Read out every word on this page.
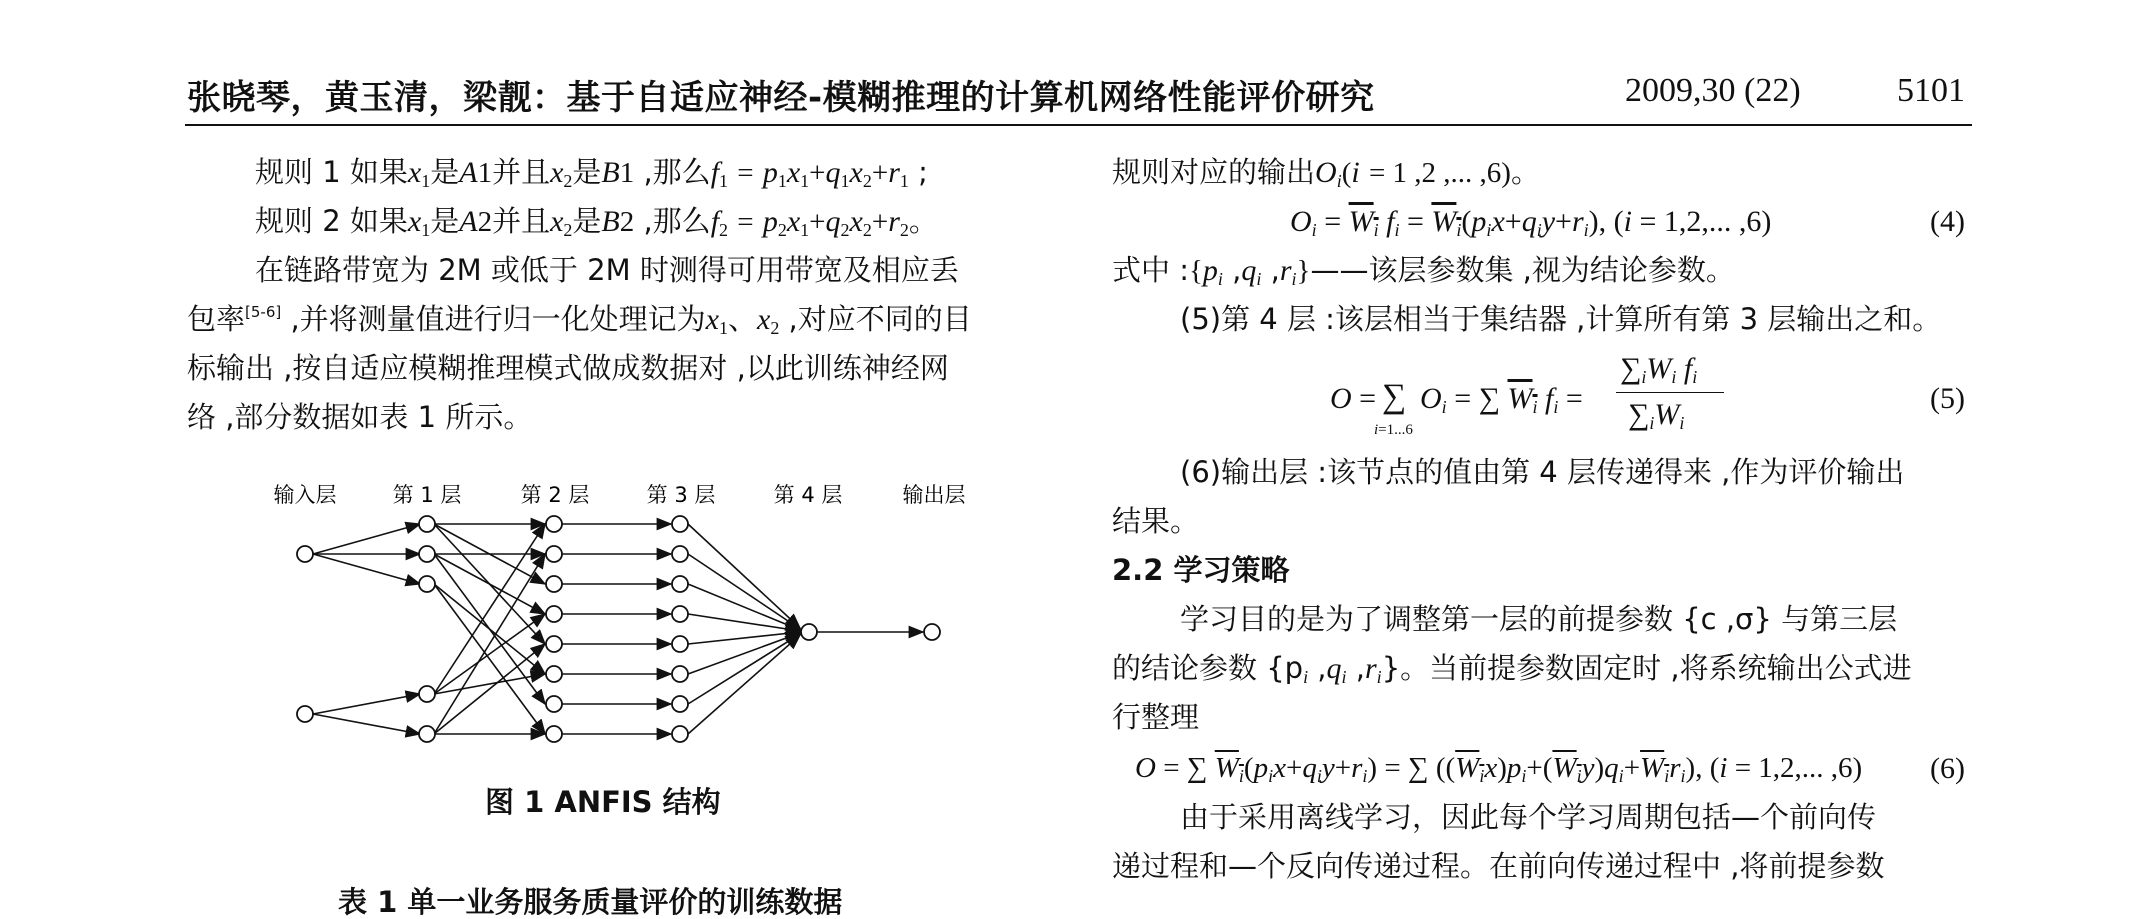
张晓琴，黄玉清，梁靓：基于自适应神经-模糊推理的计算机网络性能评价研究	2009,30 (22)	5101
规则 1 如果$x_1$是A1并且$x_2$是B1 ,那么$f_1 = p_1x_1+q_1x_2+r_1$ ;
规则 2 如果$x_1$是A2并且$x_2$是B2 ,那么$f_2 = p_2x_1+q_2x_2+r_2$。
在链路带宽为 2M 或低于 2M 时测得可用带宽及相应丢
包率[5-6] ,并将测量值进行归一化处理记为$x_1$、$x_2$ ,对应不同的目
标输出 ,按自适应模糊推理模式做成数据对 ,以此训练神经网
络 ,部分数据如表 1 所示。
输入层	第 1 层	第 2 层	第 3 层	第 4 层	输出层
图 1 ANFIS 结构
表 1 单一业务服务质量评价的训练数据
规则对应的输出$O_i(i = 1$ ,2 ,... ,6)。
$O_i = W_i$ $f_i = W_i(p_ix+q_iy+r_i)$, (i = 1,2,... ,6)	(4)
式中 $:\{p_i$ $,q_i$ $,r_i\}——$该层参数集 ,视为结论参数。
(5)第 4 层 :该层相当于集结器 ,计算所有第 3 层输出之和。
O = ∑
i=1...6
$O_i$ = ∑ $W_i$ $f_i$ =
$\sum_iW_i$ $f_i$
$\sum_iW_i$
(5)
(6)输出层 :该节点的值由第 4 层传递得来 ,作为评价输出
结果。
2.2 学习策略
学习目的是为了调整第一层的前提参数 {c ,σ} 与第三层
的结论参数 {$p_i$ $,q_i$ $,r_i$}。当前提参数固定时 ,将系统输出公式进
行整理
O = ∑ $W_i(p_ix+q_iy+r_i)$ = ∑ $((W_ix)p_i+(W_iy)q_i+W_ir_i)$, (i = 1,2,... ,6) (6)
由于采用离线学习，因此每个学习周期包括—个前向传
递过程和—个反向传递过程。在前向传递过程中 ,将前提参数
